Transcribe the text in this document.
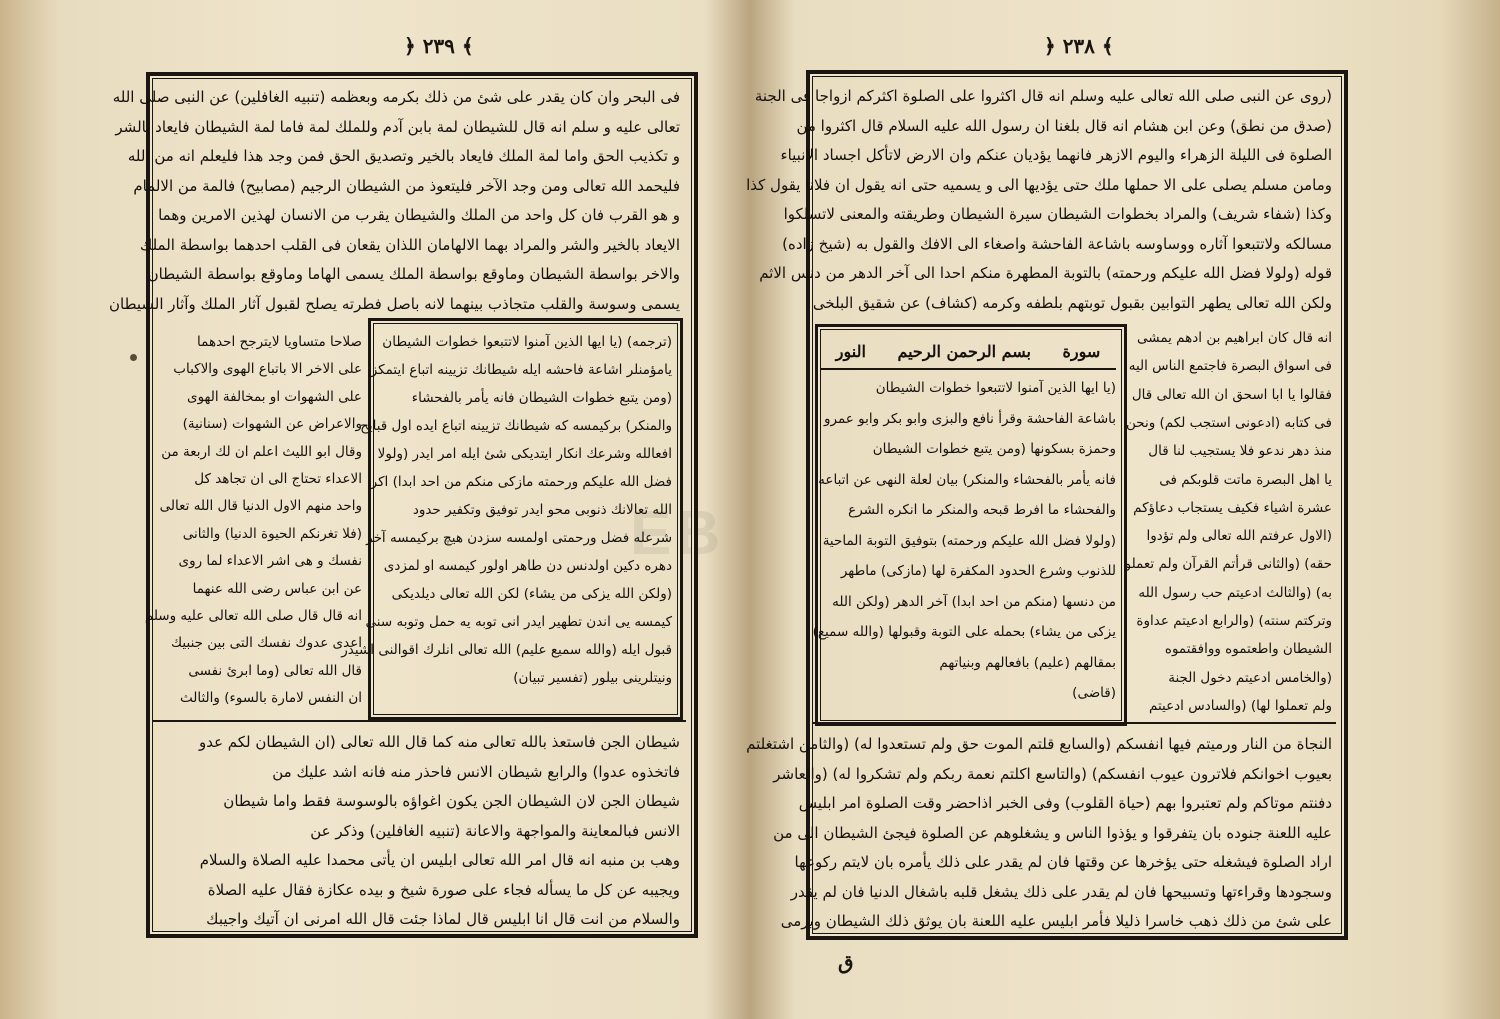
EB
﴿ ٢٣٩ ﴾
فى البحر وان كان يقدر على شئ من ذلك بكرمه وبعظمه (تنبيه الغافلين) عن النبى صلى الله
تعالى عليه و سلم انه قال للشيطان لمة بابن آدم وللملك لمة فاما لمة الشيطان فايعاد بالشر
و تكذيب الحق واما لمة الملك فايعاد بالخير وتصديق الحق فمن وجد هذا فليعلم انه من الله
فليحمد الله تعالى ومن وجد الآخر فليتعوذ من الشيطان الرجيم (مصابيح) فالمة من الالمام
و هو القرب فان كل واحد من الملك والشيطان يقرب من الانسان لهذين الامرين وهما
الايعاد بالخير والشر والمراد بهما الالهامان اللذان يقعان فى القلب احدهما بواسطة الملك
والاخر بواسطة الشيطان وماوقع بواسطة الملك يسمى الهاما وماوقع بواسطة الشيطان
يسمى وسوسة والقلب متجاذب بينهما لانه باصل فطرته يصلح لقبول آثار الملك وآثار الشيطان
صلاحا متساويا لايترجح احدهما
على الاخر الا باتباع الهوى والاكباب
على الشهوات او بمخالفة الهوى
والاعراض عن الشهوات (سنانية)
وقال ابو الليث اعلم ان لك اربعة من
الاعداء تحتاج الى ان تجاهد كل
واحد منهم الاول الدنيا قال الله تعالى
(فلا تغرنكم الحيوة الدنيا) والثانى
نفسك و هى اشر الاعداء لما روى
عن ابن عباس رضى الله عنهما
انه قال قال صلى الله تعالى عليه وسلم
اعدى عدوك نفسك التى بين جنبيك
قال الله تعالى (وما ابرئ نفسى
ان النفس لامارة بالسوء) والثالث
(ترجمه) (يا ايها الذين آمنوا لاتتبعوا خطوات الشيطان
يامؤمنلر اشاعة فاحشه ايله شيطانك تزيينه اتباع ايتمكز
(ومن يتبع خطوات الشيطان فانه يأمر بالفحشاء
والمنكر) بركيمسه كه شيطانك تزيينه اتباع ايده اول قبايح
افعالله وشرعك انكار ايتديكى شئ ايله امر ايدر (ولولا
فضل الله عليكم ورحمته مازكى منكم من احد ابدا) اكر
الله تعالانك ذنوبى محو ايدر توفيق وتكفير حدود
شرعله فضل ورحمتى اولمسه سزدن هيچ بركيمسه آخر
دهره دكين اولدنس دن طاهر اولور كيمسه او لمزدى
(ولكن الله يزكى من يشاء) لكن الله تعالى ديلديكى
كيمسه يى اندن تطهير ايدر انى توبه يه حمل وتوبه سنى
قبول ايله (والله سميع عليم) الله تعالى انلرك اقوالنى اشيدر
ونيتلرينى بيلور (تفسير تبيان)
شيطان الجن فاستعذ بالله تعالى منه كما قال الله تعالى (ان الشيطان لكم عدو
فاتخذوه عدوا) والرابع شيطان الانس فاحذر منه فانه اشد عليك من
شيطان الجن لان الشيطان الجن يكون اغواؤه بالوسوسة فقط واما شيطان
الانس فبالمعاينة والمواجهة والاعانة (تنبيه الغافلين) وذكر عن
وهب بن منبه انه قال امر الله تعالى ابليس ان يأتى محمدا عليه الصلاة والسلام
ويجيبه عن كل ما يسأله فجاء على صورة شيخ و بيده عكازة فقال عليه الصلاة
والسلام من انت قال انا ابليس قال لماذا جئت قال الله امرنى ان آتيك واجيبك
﴿ ٢٣٨ ﴾
(روى عن النبى صلى الله تعالى عليه وسلم انه قال اكثروا على الصلوة اكثركم ازواجا فى الجنة
(صدق من نطق) وعن ابن هشام انه قال بلغنا ان رسول الله عليه السلام قال اكثروا من
الصلوة فى الليلة الزهراء واليوم الازهر فانهما يؤديان عنكم وان الارض لاتأكل اجساد الانبياء
ومامن مسلم يصلى على الا حملها ملك حتى يؤديها الى و يسميه حتى انه يقول ان فلانا يقول كذا
وكذا (شفاء شريف) والمراد بخطوات الشيطان سيرة الشيطان وطريقته والمعنى لاتسلكوا
مسالكه ولاتتبعوا آثاره ووساوسه باشاعة الفاحشة واصغاء الى الافك والقول به (شيخ زاده)
قوله (ولولا فضل الله عليكم ورحمته) بالتوبة المطهرة منكم احدا الى آخر الدهر من دنس الاثم
ولكن الله تعالى يطهر التوابين بقبول توبتهم بلطفه وكرمه (كشاف) عن شقيق البلخى
انه قال كان ابراهيم بن ادهم يمشى
فى اسواق البصرة فاجتمع الناس اليه
فقالوا يا ابا اسحق ان الله تعالى قال
فى كتابه (ادعونى استجب لكم) ونحن
منذ دهر ندعو فلا يستجيب لنا قال
يا اهل البصرة ماتت قلوبكم فى
عشرة اشياء فكيف يستجاب دعاؤكم
(الاول عرفتم الله تعالى ولم تؤدوا
حقه) (والثانى قرأتم القرآن ولم تعملوا
به) (والثالث ادعيتم حب رسول الله
وتركتم سنته) (والرابع ادعيتم عداوة
الشيطان واطعتموه ووافقتموه
(والخامس ادعيتم دخول الجنة
ولم تعملوا لها) (والسادس ادعيتم
سورة
بسم الرحمن الرحيم
النور
(يا ايها الذين آمنوا لاتتبعوا خطوات الشيطان
باشاعة الفاحشة وقرأ نافع والبزى وابو بكر وابو عمرو
وحمزة بسكونها (ومن يتبع خطوات الشيطان
فانه يأمر بالفحشاء والمنكر) بيان لعلة النهى عن اتباعه
والفحشاء ما افرط قبحه والمنكر ما انكره الشرع
(ولولا فضل الله عليكم ورحمته) بتوفيق التوبة الماحية
للذنوب وشرع الحدود المكفرة لها (مازكى) ماطهر
من دنسها (منكم من احد ابدا) آخر الدهر (ولكن الله
يزكى من يشاء) بحمله على التوبة وقبولها (والله سميع)
بمقالهم (عليم) بافعالهم وبنياتهم
(قاضى)
النجاة من النار ورميتم فيها انفسكم (والسابع قلتم الموت حق ولم تستعدوا له) (والثامن اشتغلتم
بعيوب اخوانكم فلاترون عيوب انفسكم) (والتاسع اكلتم نعمة ربكم ولم تشكروا له) (والعاشر
دفنتم موتاكم ولم تعتبروا بهم (حياة القلوب) وفى الخبر اذاحضر وقت الصلوة امر ابليس
عليه اللعنة جنوده بان يتفرقوا و يؤذوا الناس و يشغلوهم عن الصلوة فيجئ الشيطان الى من
اراد الصلوة فيشغله حتى يؤخرها عن وقتها فان لم يقدر على ذلك يأمره بان لايتم ركوعها
وسجودها وقراءتها وتسبيحها فان لم يقدر على ذلك يشغل قلبه باشغال الدنيا فان لم يقدر
على شئ من ذلك ذهب خاسرا ذليلا فأمر ابليس عليه اللعنة بان يوثق ذلك الشيطان ويرمى
ق
